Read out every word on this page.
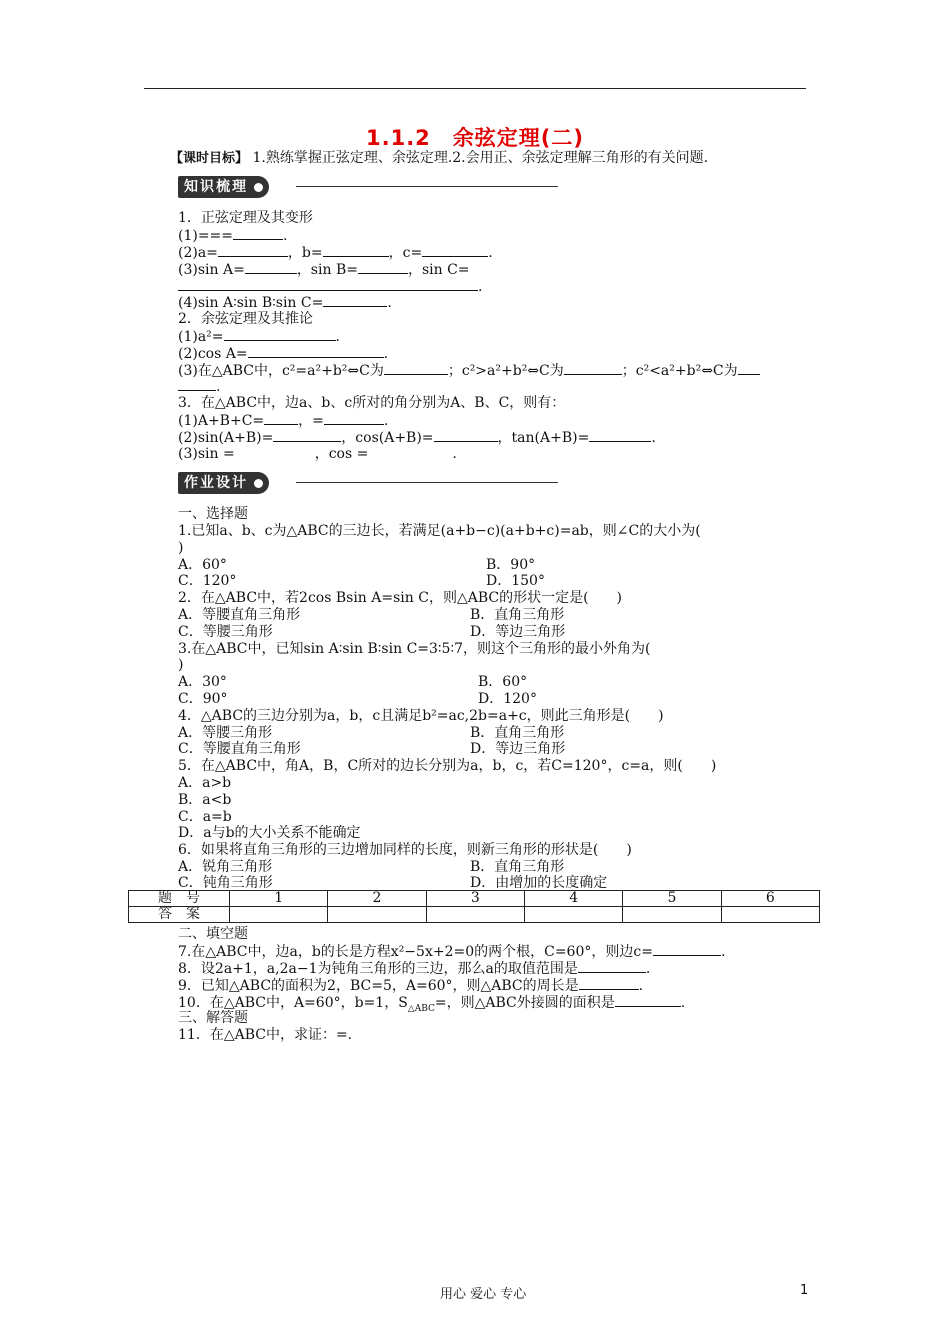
1.1.2　余弦定理(二)
【课时目标】 1.熟练掌握正弦定理、余弦定理.2.会用正、余弦定理解三角形的有关问题.
知识梳理
1．正弦定理及其变形
(1)===	.
(2)a=	，b=	，c=	.
(3)sin A=	，sin B=	，sin C=
.
(4)sin A∶sin B∶sin C=	.
2．余弦定理及其推论
(1)a²=	.
(2)cos A=	.
(3)在△ABC中，c²=a²+b²⇔C为	；c²>a²+b²⇔C为	；c²<a²+b²⇔C为
.
3．在△ABC中，边a、b、c所对的角分别为A、B、C，则有：
(1)A+B+C= ，=	.
(2)sin(A+B)=	，cos(A+B)=	，tan(A+B)=	.
(3)sin =	，cos =	.
作业设计
一、选择题
1.已知a、b、c为△ABC的三边长，若满足(a+b−c)(a+b+c)=ab，则∠C的大小为(
)
A．60°	B．90°
C．120°	D．150°
2．在△ABC中，若2cos Bsin A=sin C，则△ABC的形状一定是(　　)
A．等腰直角三角形	B．直角三角形
C．等腰三角形	D．等边三角形
3.在△ABC中，已知sin A∶sin B∶sin C=3∶5∶7，则这个三角形的最小外角为(
)
A．30°	B．60°
C．90°	D．120°
4．△ABC的三边分别为a，b，c且满足b²=ac,2b=a+c，则此三角形是(　　)
A．等腰三角形	B．直角三角形
C．等腰直角三角形	D．等边三角形
5．在△ABC中，角A，B，C所对的边长分别为a，b，c，若C=120°，c=a，则(　　)
A．a>b
B．a<b
C．a=b
D．a与b的大小关系不能确定
6．如果将直角三角形的三边增加同样的长度，则新三角形的形状是(　　)
A．锐角三角形	B．直角三角形
C．钝角三角形	D．由增加的长度确定
题　号	1	2	3	4	5	6
答　案						
二、填空题
7.在△ABC中，边a，b的长是方程x²−5x+2=0的两个根，C=60°，则边c=	.
8．设2a+1，a,2a−1为钝角三角形的三边，那么a的取值范围是	.
9．已知△ABC的面积为2，BC=5，A=60°，则△ABC的周长是	.
10．在△ABC中，A=60°，b=1，$S_{\triangle ABC}=$，则△ABC外接圆的面积是	.
三、解答题
11．在△ABC中，求证：=.
用心 爱心 专心	1
